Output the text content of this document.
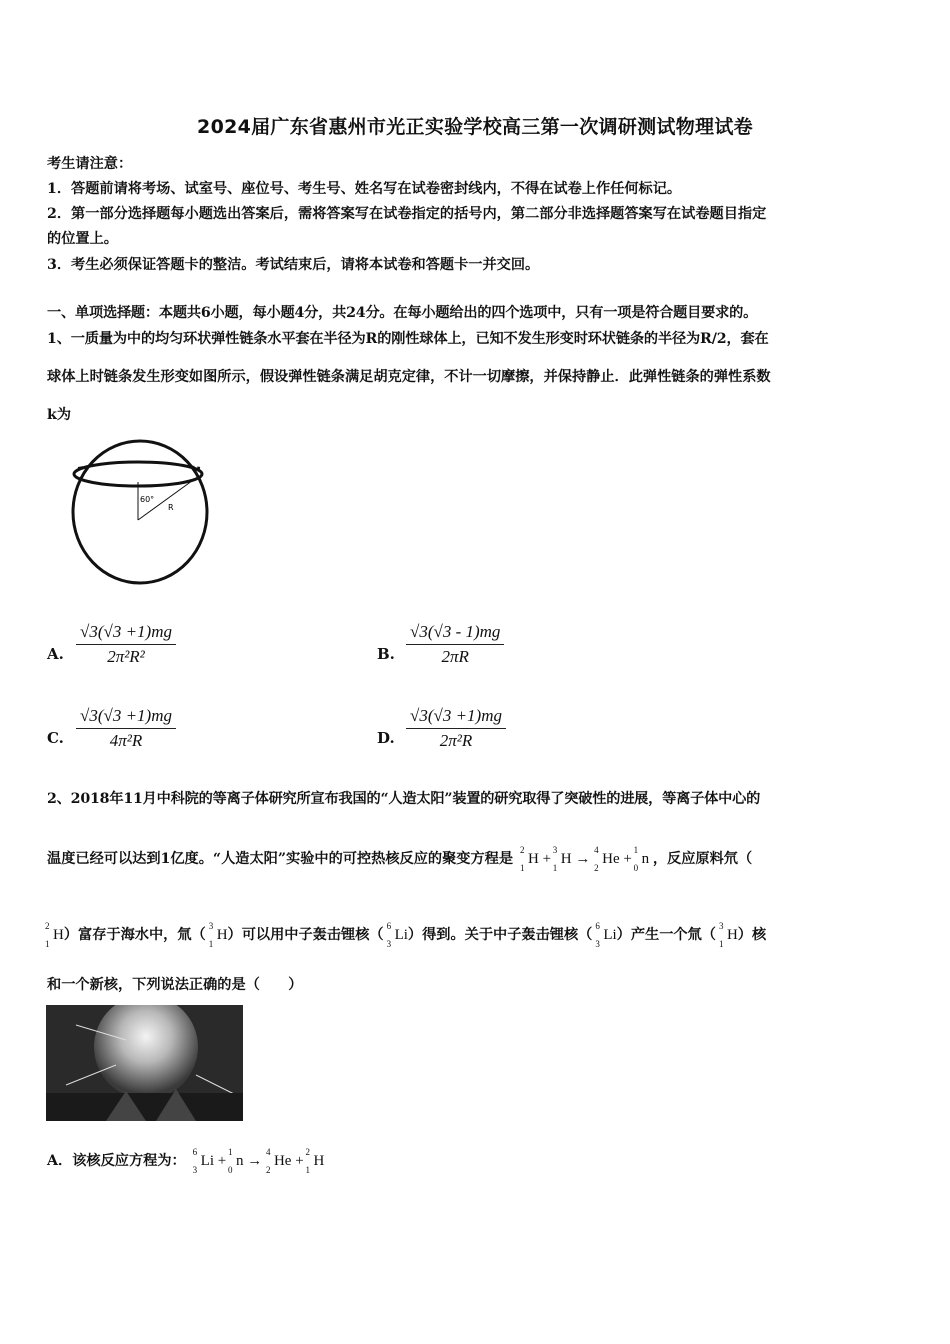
2024届广东省惠州市光正实验学校高三第一次调研测试物理试卷
考生请注意：
1．答题前请将考场、试室号、座位号、考生号、姓名写在试卷密封线内，不得在试卷上作任何标记。
2．第一部分选择题每小题选出答案后，需将答案写在试卷指定的括号内，第二部分非选择题答案写在试卷题目指定
的位置上。
3．考生必须保证答题卡的整洁。考试结束后，请将本试卷和答题卡一并交回。
一、单项选择题：本题共6小题，每小题4分，共24分。在每小题给出的四个选项中，只有一项是符合题目要求的。
1、一质量为中的均匀环状弹性链条水平套在半径为R的刚性球体上，已知不发生形变时环状链条的半径为R/2，套在
球体上时链条发生形变如图所示，假设弹性链条满足胡克定律，不计一切摩擦，并保持静止．此弹性链条的弹性系数
k为
60°
R
A. $\frac{√3(√3 +1)mg}{\text{2π²R²}}$	B. $\frac{√3(√3 - 1)mg}{2\pi R}$
C. $\frac{√3(√3 +1)mg}{\text{4π²R}}$	D. $\frac{√3(√3 +1)mg}{\text{2π²R}}$
2、2018年11月中科院的等离子体研究所宣布我国的“人造太阳”装置的研究取得了突破性的进展，等离子体中心的
温度已经可以达到1亿度。“人造太阳”实验中的可控热核反应的聚变方程是
2
1
H +
3
1
H →
4
2
He +
1
0
n ，反应原料氘（
2
1
H）富存于海水中，氚（
3
1
H）可以用中子轰击锂核（
6
3
Li）得到。关于中子轰击锂核（
6
3
Li）产生一个氚（
3
1
H）核
和一个新核，下列说法正确的是（　　）
A．该核反应方程为：
6
3
Li +
1
0
n →
4
2
He +
2
1
H
